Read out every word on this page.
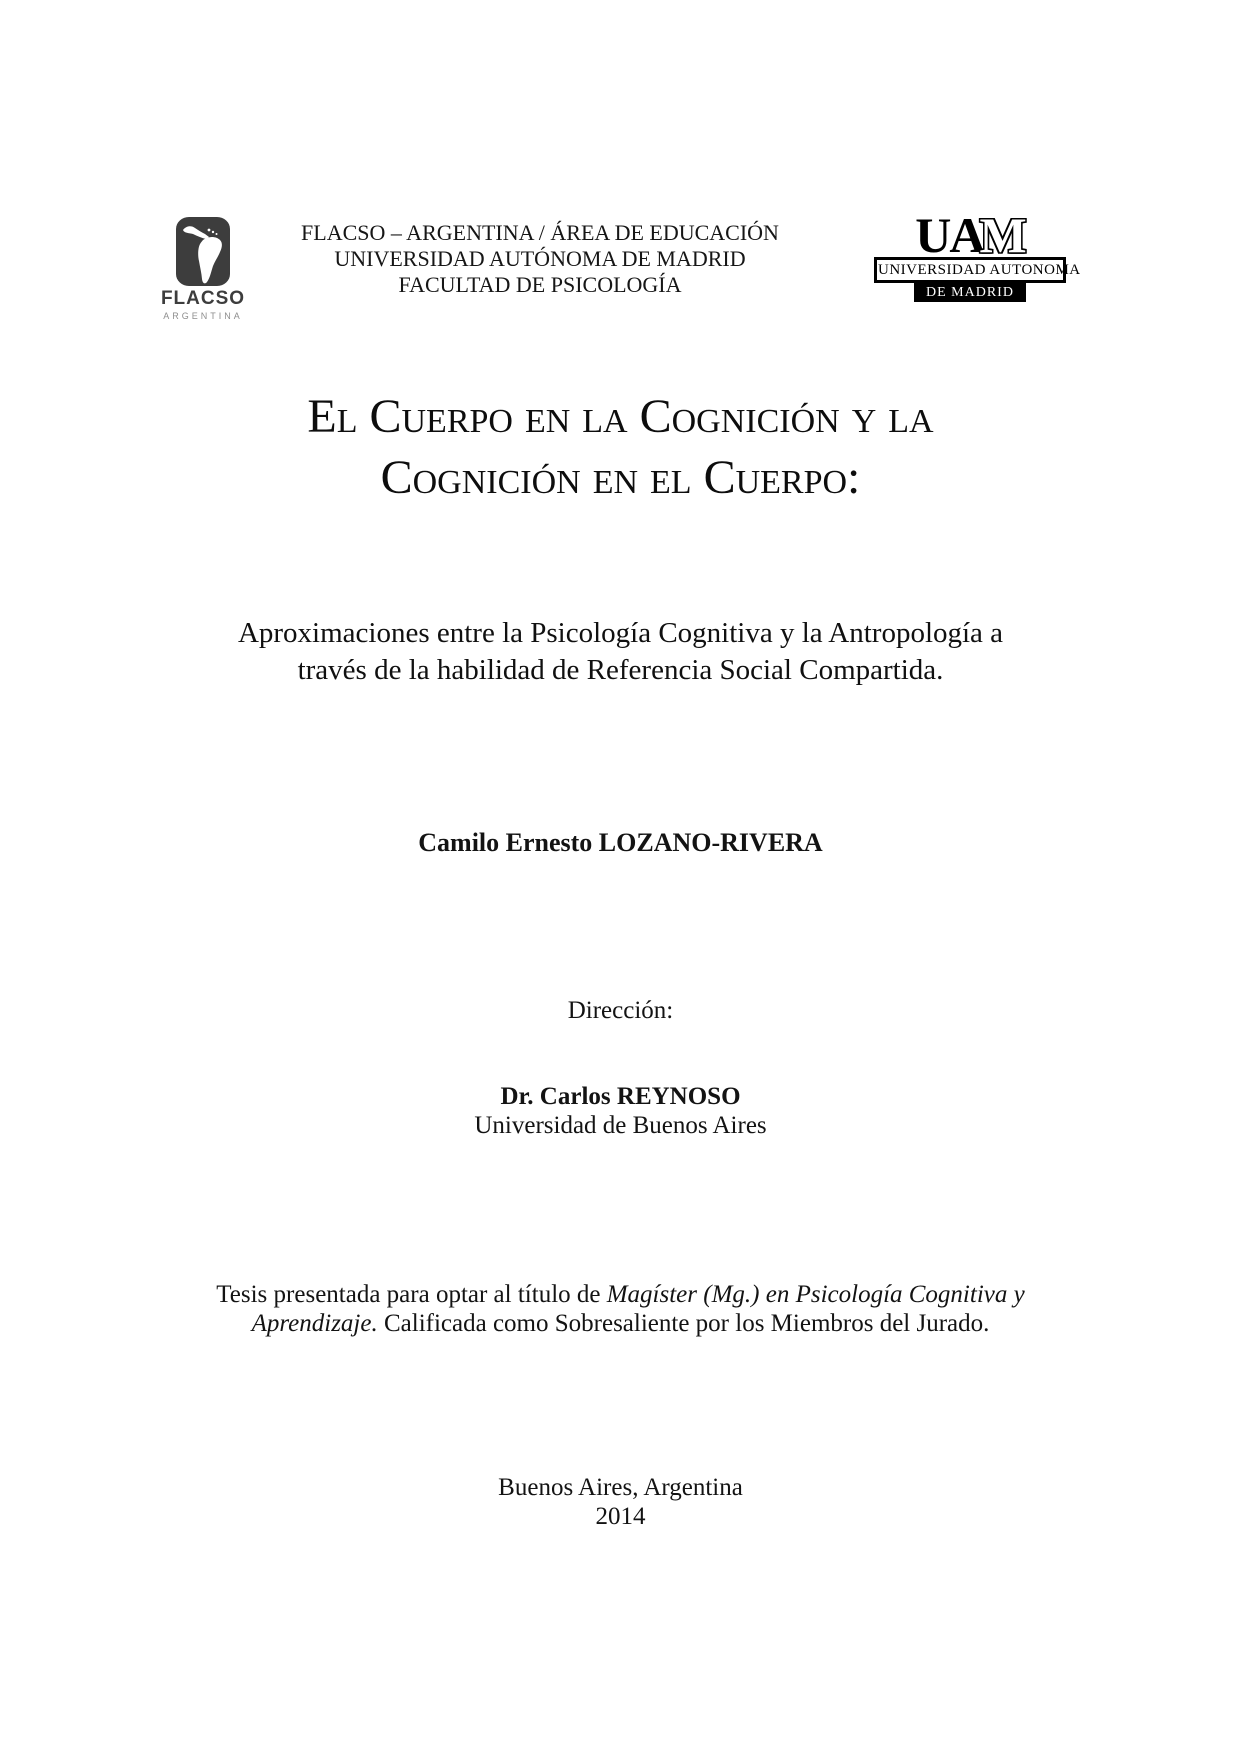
FLACSO
ARGENTINA
FLACSO – ARGENTINA / ÁREA DE EDUCACIÓN
UNIVERSIDAD AUTÓNOMA DE MADRID
FACULTAD DE PSICOLOGÍA
UAM
UNIVERSIDAD AUTONOMA
DE MADRID
El Cuerpo en la Cognición y la
Cognición en el Cuerpo:
Aproximaciones entre la Psicología Cognitiva y la Antropología a
través de la habilidad de Referencia Social Compartida.
Camilo Ernesto LOZANO-RIVERA
Dirección:
Dr. Carlos REYNOSO
Universidad de Buenos Aires
Tesis presentada para optar al título de Magíster (Mg.) en Psicología Cognitiva y
Aprendizaje. Calificada como Sobresaliente por los Miembros del Jurado.
Buenos Aires, Argentina
2014
